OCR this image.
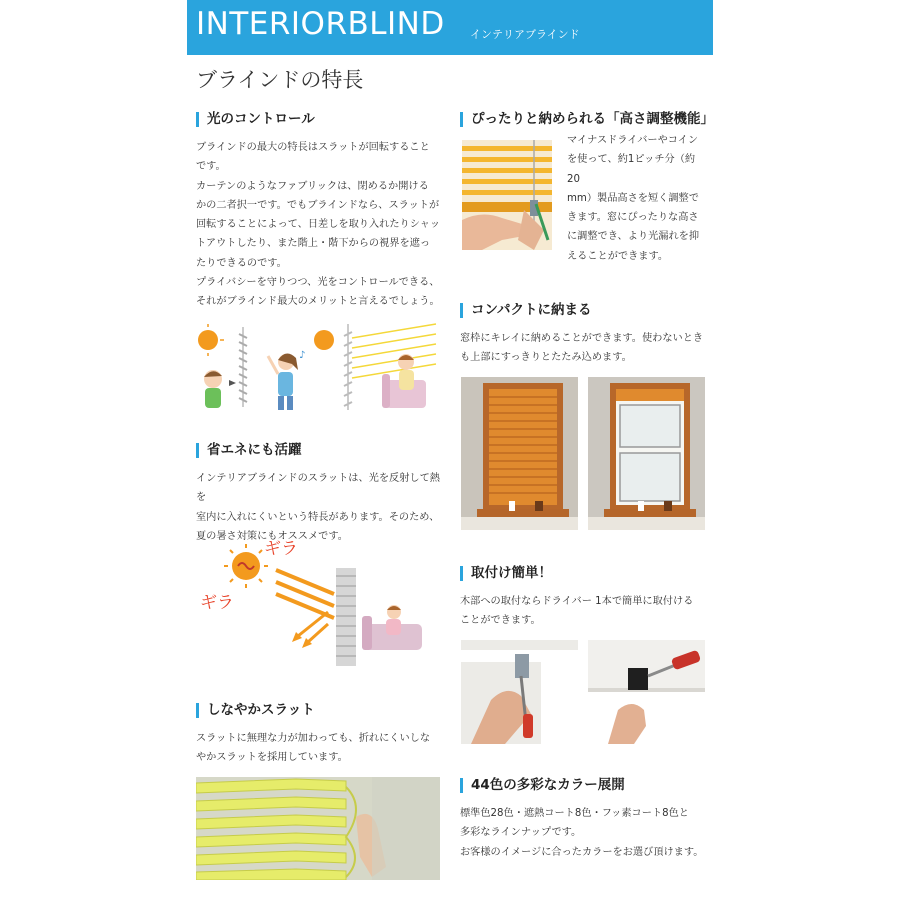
INTERIORBLIND インテリアブラインド
ブラインドの特長
光のコントロール

ブラインドの最大の特長はスラットが回転すること

です。

カーテンのようなファブリックは、閉めるか開ける

かの二者択一です。でもブラインドなら、スラットが

回転することによって、日差しを取り入れたりシャッ

トアウトしたり、また階上・階下からの視界を遮っ

たりできるのです。

プライバシーを守りつつ、光をコントロールできる、

それがブラインド最大のメリットと言えるでしょう。

♪
省エネにも活躍

インテリアブラインドのスラットは、光を反射して熱を

室内に入れにくいという特長があります。そのため、

夏の暑さ対策にもオススメです。

ギラ
ギラ
しなやかスラット

スラットに無理な力が加わっても、折れにくいしな

やかスラットを採用しています。

ぴったりと納められる「高さ調整機能」

マイナスドライバーやコイン

を使って、約1ピッチ分（約20

mm）製品高さを短く調整で

きます。窓にぴったりな高さ

に調整でき、より光漏れを抑

えることができます。

コンパクトに納まる

窓枠にキレイに納めることができます。使わないとき

も上部にすっきりとたたみ込めます。

取付け簡単！

木部への取付ならドライバー 1本で簡単に取付ける

ことができます。

44色の多彩なカラー展開

標準色28色・遮熱コート8色・フッ素コート8色と

多彩なラインナップです。

お客様のイメージに合ったカラーをお選び頂けます。
